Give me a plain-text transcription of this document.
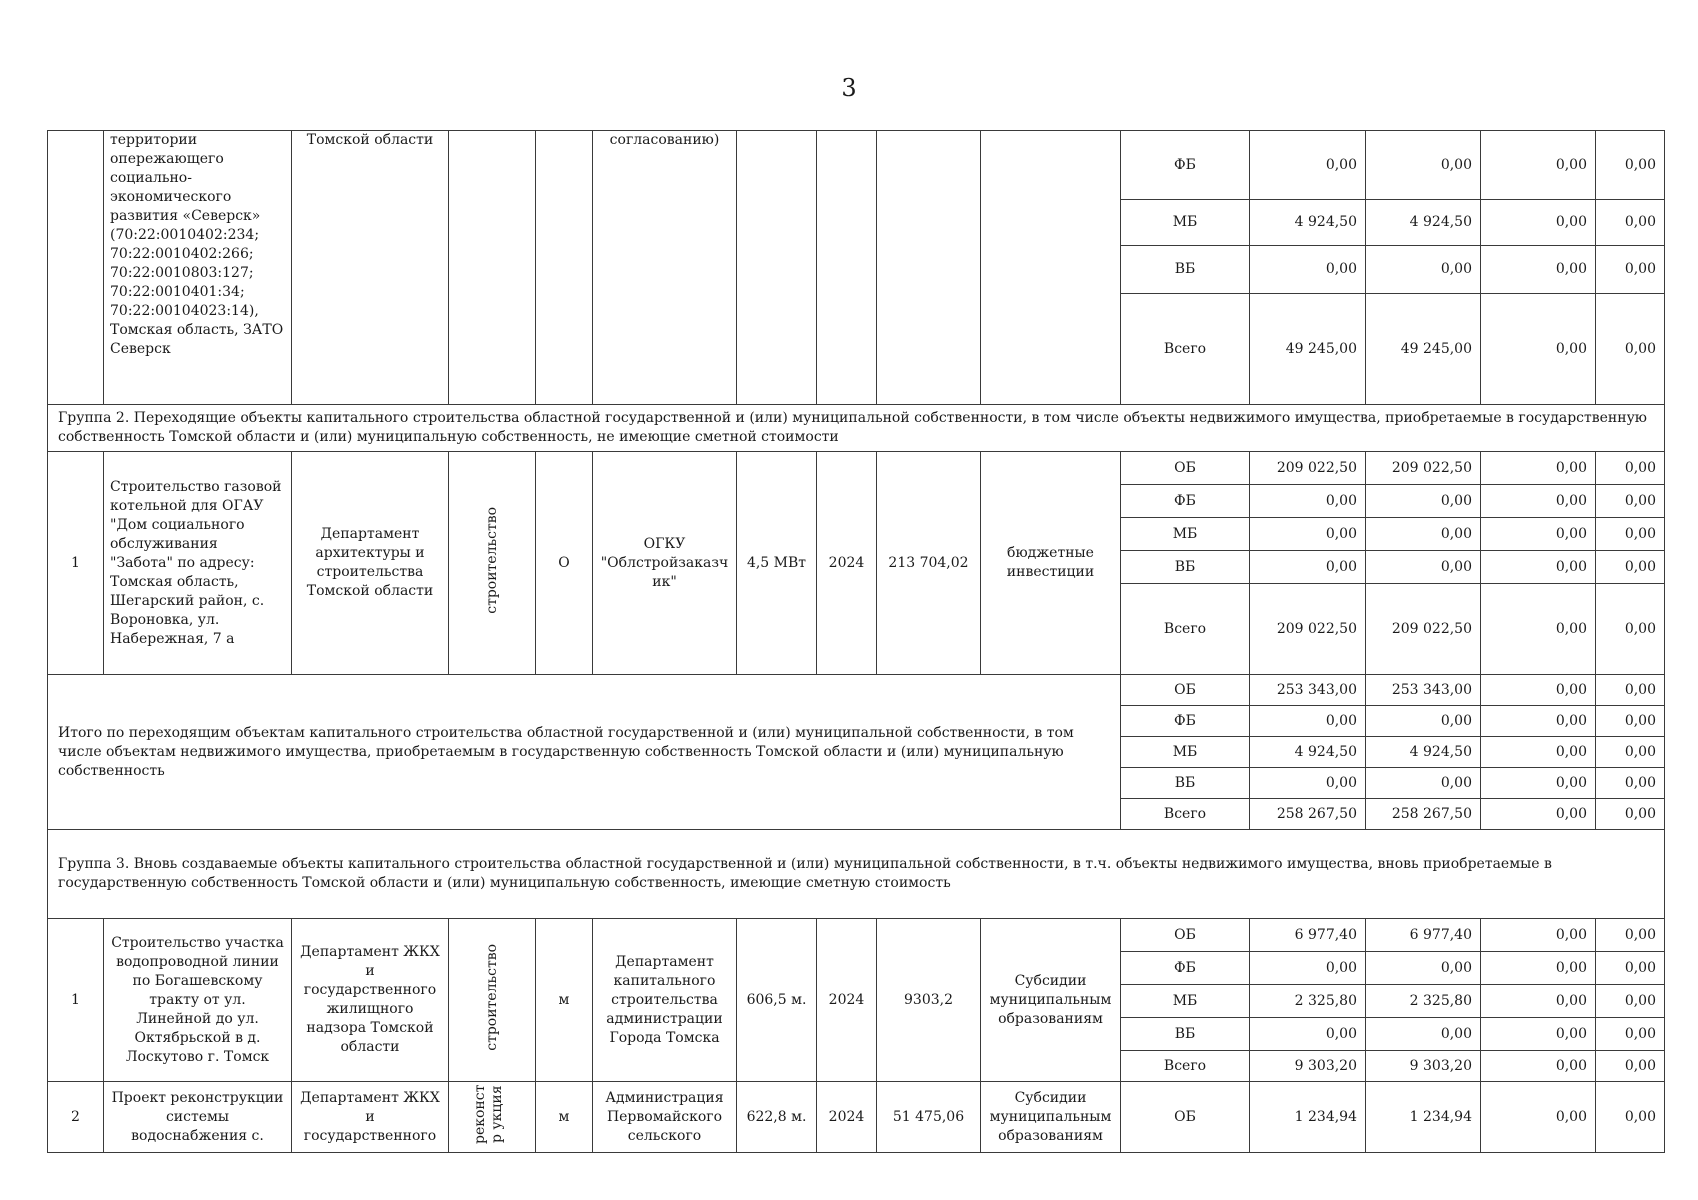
3
	территории опережающего социально-экономического развития «Северск» (70:22:0010402:234; 70:22:0010402:266; 70:22:0010803:127; 70:22:0010401:34; 70:22:00104023:14), Томская область, ЗАТО Северск	Томской области			согласованию)					ФБ	0,00	0,00	0,00	0,00
										МБ	4 924,50	4 924,50	0,00	0,00
										ВБ	0,00	0,00	0,00	0,00
										Всего	49 245,00	49 245,00	0,00	0,00
Группа 2. Переходящие объекты капитального строительства областной государственной и (или) муниципальной собственности, в том числе объекты недвижимого имущества, приобретаемые в государственную собственность Томской области и (или) муниципальную собственность, не имеющие сметной стоимости														
1	Строительство газовой котельной для ОГАУ "Дом социального обслуживания "Забота" по адресу: Томская область, Шегарский район, с. Вороновка, ул. Набережная, 7 а	Департамент архитектуры и строительства Томской области	строительство	О	ОГКУ "Облстройзаказчик"	4,5 МВт	2024	213 704,02	бюджетные инвестиции	ОБ	209 022,50	209 022,50	0,00	0,00
										ФБ	0,00	0,00	0,00	0,00
										МБ	0,00	0,00	0,00	0,00
										ВБ	0,00	0,00	0,00	0,00
										Всего	209 022,50	209 022,50	0,00	0,00
Итого по переходящим объектам капитального строительства областной государственной и (или) муниципальной собственности, в том числе объектам недвижимого имущества, приобретаемым в государственную собственность Томской области и (или) муниципальную собственность										ОБ	253 343,00	253 343,00	0,00	0,00
										ФБ	0,00	0,00	0,00	0,00
										МБ	4 924,50	4 924,50	0,00	0,00
										ВБ	0,00	0,00	0,00	0,00
										Всего	258 267,50	258 267,50	0,00	0,00
Группа 3. Вновь создаваемые объекты капитального строительства областной государственной и (или) муниципальной собственности, в т.ч. объекты недвижимого имущества, вновь приобретаемые в государственную собственность Томской области и (или) муниципальную собственность, имеющие сметную стоимость														
1	Строительство участка водопроводной линии по Богашевскому тракту от ул. Линейной до ул. Октябрьской в д. Лоскутово г. Томск	Департамент ЖКХ и государственного жилищного надзора Томской области	строительство	м	Департамент капитального строительства администрации Города Томска	606,5 м.	2024	9303,2	Субсидии муниципальным образованиям	ОБ	6 977,40	6 977,40	0,00	0,00
										ФБ	0,00	0,00	0,00	0,00
										МБ	2 325,80	2 325,80	0,00	0,00
										ВБ	0,00	0,00	0,00	0,00
										Всего	9 303,20	9 303,20	0,00	0,00
2	Проект реконструкции системы водоснабжения с.	Департамент ЖКХ и государственного	реконстр укция	м	Администрация Первомайского сельского	622,8 м.	2024	51 475,06	Субсидии муниципальным образованиям	ОБ	1 234,94	1 234,94	0,00	0,00
